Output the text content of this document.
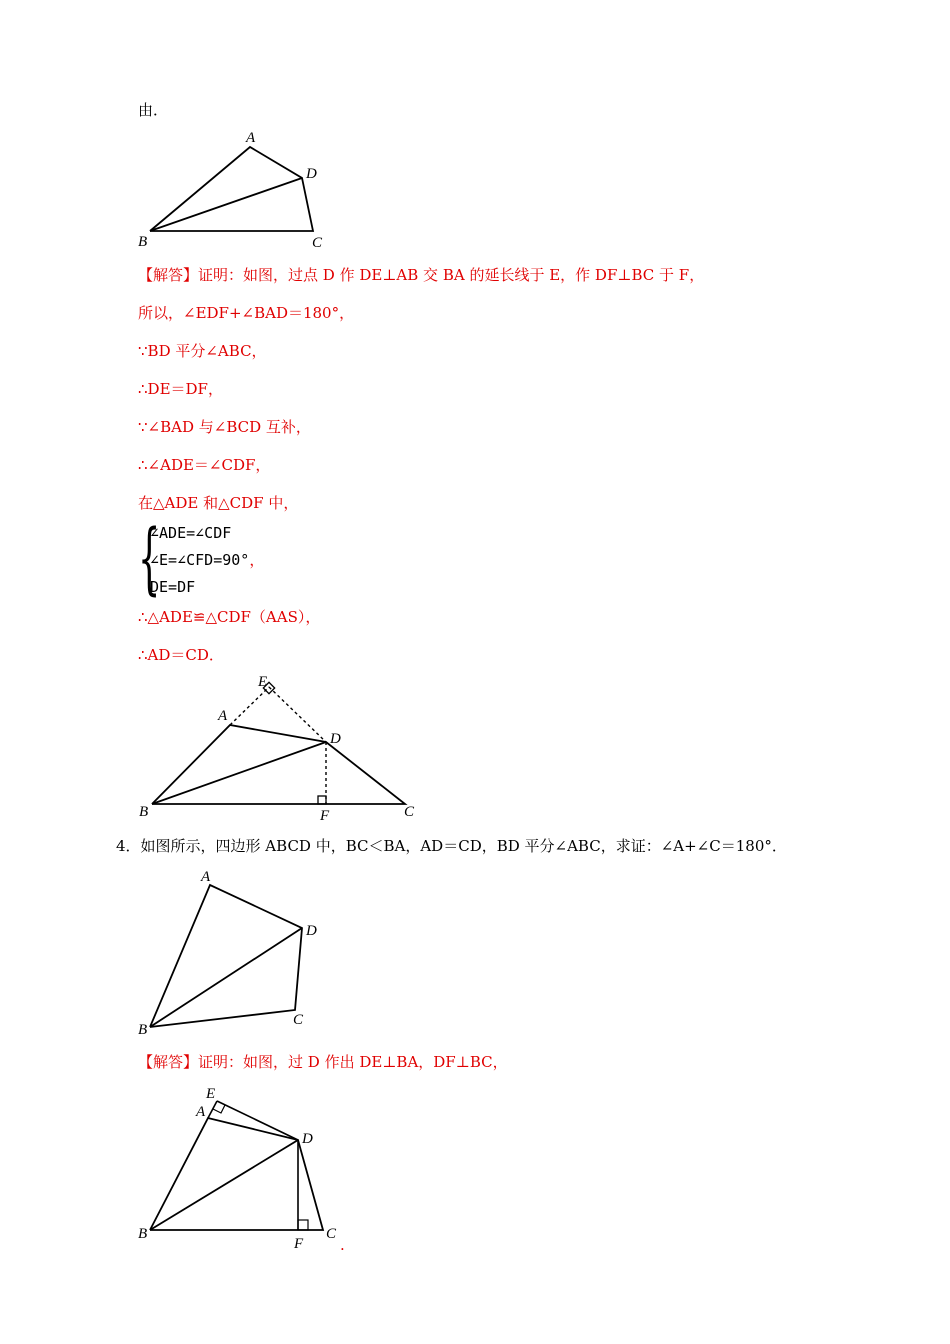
由．
A
D
B	C
【解答】证明：如图，过点 D 作 DE⊥AB 交 BA 的延长线于 E，作 DF⊥BC 于 F，
所以，∠EDF+∠BAD＝180°，
∵BD 平分∠ABC，
∴DE＝DF，
∵∠BAD 与∠BCD 互补，
∴∠ADE＝∠CDF，
在△ADE 和△CDF 中，
{
∠ADE=∠CDF
∠E=∠CFD=90°，
DE=DF
∴△ADE≌△CDF（AAS），
∴AD＝CD．
E
A
D
B	F	C
4．如图所示，四边形 ABCD 中，BC＜BA，AD＝CD，BD 平分∠ABC，求证：∠A+∠C＝180°．
A
D
B
C
【解答】证明：如图，过 D 作出 DE⊥BA，DF⊥BC，
E
A
D
B
F
C
.
